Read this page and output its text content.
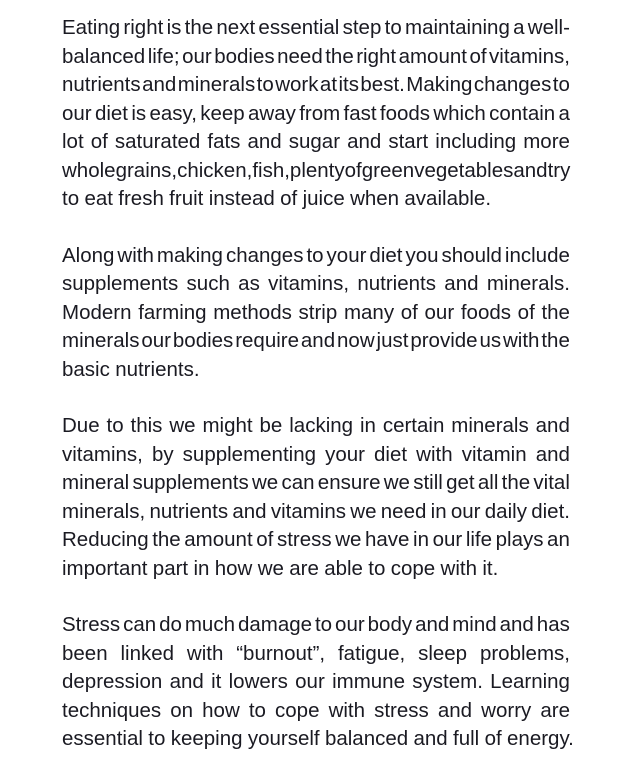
Eating right is the next essential step to maintaining a well-
balanced life; our bodies need the right amount of vitamins,
nutrients and minerals to work at its best. Making changes to
our diet is easy, keep away from fast foods which contain a
lot of saturated fats and sugar and start including more
whole grains, chicken, fish, plenty of green vegetables and try
to eat fresh fruit instead of juice when available.

Along with making changes to your diet you should include
supplements such as vitamins, nutrients and minerals.
Modern farming methods strip many of our foods of the
minerals our bodies require and now just provide us with the
basic nutrients.

Due to this we might be lacking in certain minerals and
vitamins, by supplementing your diet with vitamin and
mineral supplements we can ensure we still get all the vital
minerals, nutrients and vitamins we need in our daily diet.
Reducing the amount of stress we have in our life plays an
important part in how we are able to cope with it.

Stress can do much damage to our body and mind and has
been linked with “burnout”, fatigue, sleep problems,
depression and it lowers our immune system. Learning
techniques on how to cope with stress and worry are
essential to keeping yourself balanced and full of energy.
